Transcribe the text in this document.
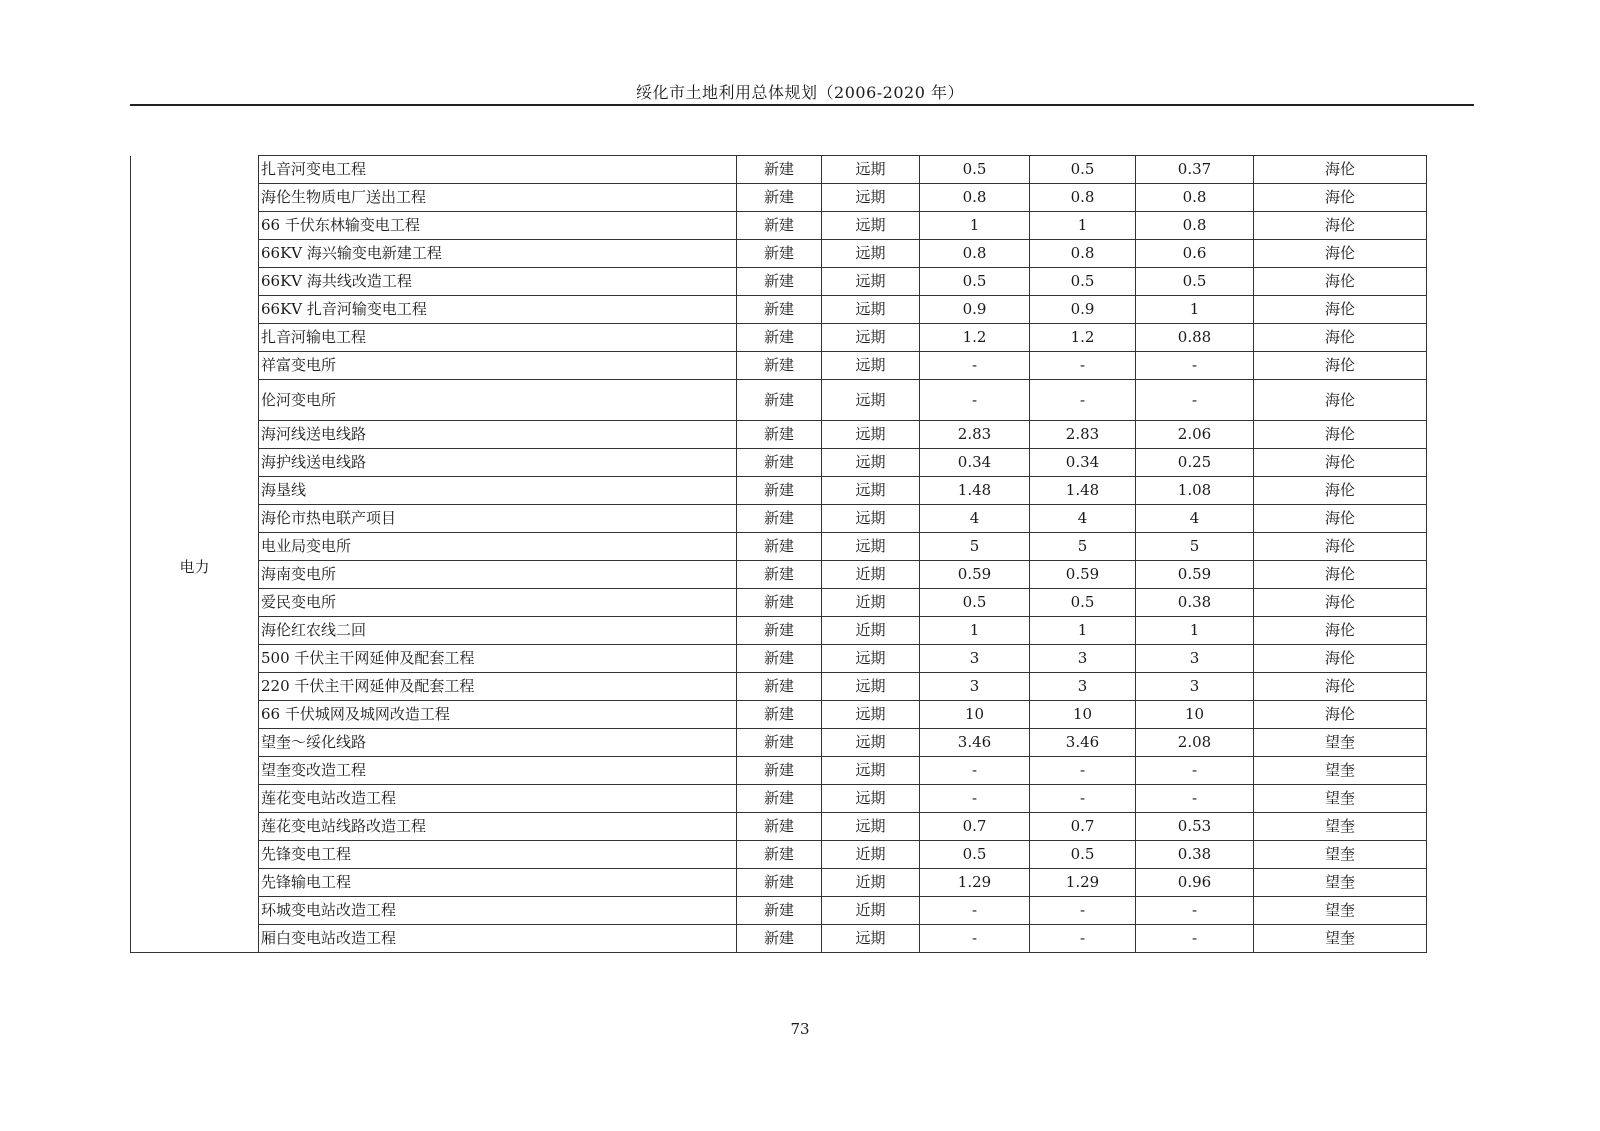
绥化市土地利用总体规划（2006-2020 年）
	扎音河变电工程	新建	远期	0.5	0.5	0.37	海伦
电力	海伦生物质电厂送出工程	新建	远期	0.8	0.8	0.8	海伦
	66 千伏东林输变电工程	新建	远期	1	1	0.8	海伦
	66KV 海兴输变电新建工程	新建	远期	0.8	0.8	0.6	海伦
	66KV 海共线改造工程	新建	远期	0.5	0.5	0.5	海伦
	66KV 扎音河输变电工程	新建	远期	0.9	0.9	1	海伦
	扎音河输电工程	新建	远期	1.2	1.2	0.88	海伦
	祥富变电所	新建	远期	-	-	-	海伦
	伦河变电所	新建	远期	-	-	-	海伦
	海河线送电线路	新建	远期	2.83	2.83	2.06	海伦
	海护线送电线路	新建	远期	0.34	0.34	0.25	海伦
	海垦线	新建	远期	1.48	1.48	1.08	海伦
	海伦市热电联产项目	新建	远期	4	4	4	海伦
	电业局变电所	新建	远期	5	5	5	海伦
	海南变电所	新建	近期	0.59	0.59	0.59	海伦
	爱民变电所	新建	近期	0.5	0.5	0.38	海伦
	海伦红农线二回	新建	近期	1	1	1	海伦
	500 千伏主干网延伸及配套工程	新建	远期	3	3	3	海伦
	220 千伏主干网延伸及配套工程	新建	远期	3	3	3	海伦
	66 千伏城网及城网改造工程	新建	远期	10	10	10	海伦
	望奎～绥化线路	新建	远期	3.46	3.46	2.08	望奎
	望奎变改造工程	新建	远期	-	-	-	望奎
	莲花变电站改造工程	新建	远期	-	-	-	望奎
	莲花变电站线路改造工程	新建	远期	0.7	0.7	0.53	望奎
	先锋变电工程	新建	近期	0.5	0.5	0.38	望奎
	先锋输电工程	新建	近期	1.29	1.29	0.96	望奎
	环城变电站改造工程	新建	近期	-	-	-	望奎
	厢白变电站改造工程	新建	远期	-	-	-	望奎
73
